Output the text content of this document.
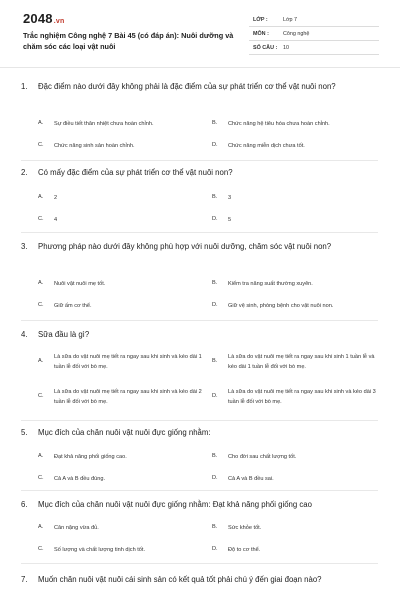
2048.vn
Trắc nghiệm Công nghệ 7 Bài 45 (có đáp án): Nuôi dưỡng và chăm sóc các loại vật nuôi
LỚP :	Lớp 7
MÔN :	Công nghệ
SỐ CÂU : 10
1. Đặc điểm nào dưới đây không phải là đặc điểm của sự phát triển cơ thể vật nuôi non?
A. Sự điều tiết thân nhiệt chưa hoàn chỉnh.	B. Chức năng hệ tiêu hóa chưa hoàn chỉnh.
C. Chức năng sinh sản hoàn chỉnh.	D. Chức năng miễn dịch chưa tốt.
2. Có mấy đặc điểm của sự phát triển cơ thể vật nuôi non?
A. 2	B. 3
C. 4	D. 5
3. Phương pháp nào dưới đây không phù hợp với nuôi dưỡng, chăm sóc vật nuôi non?
A. Nuôi vật nuôi mẹ tốt.	B. Kiểm tra năng suất thường xuyên.
C. Giữ ấm cơ thể.	D. Giữ vệ sinh, phòng bệnh cho vật nuôi non.
4. Sữa đầu là gì?
A.
Là sữa do vật nuôi mẹ tiết ra ngay sau khi sinh và kéo dài 1 tuần lễ đối với bò mẹ.
B.
Là sữa do vật nuôi mẹ tiết ra ngay sau khi sinh 1 tuần lễ và kéo dài 1 tuần lễ đối với bò mẹ.
C.
Là sữa do vật nuôi mẹ tiết ra ngay sau khi sinh và kéo dài 2 tuần lễ đối với bò mẹ.
D.
Là sữa do vật nuôi mẹ tiết ra ngay sau khi sinh và kéo dài 3 tuần lễ đối với bò mẹ.
5. Mục đích của chăn nuôi vật nuôi đực giống nhằm:
A. Đạt khả năng phối giống cao.	B. Cho đời sau chất lượng tốt.
C. Cả A và B đều đúng.	D. Cả A và B đều sai.
6. Mục đích của chăn nuôi vật nuôi đực giống nhằm: Đạt khả năng phối giống cao
A. Cân nặng vừa đủ.	B. Sức khỏe tốt.
C. Số lượng và chất lượng tinh dịch tốt.	D. Độ to cơ thể.
7. Muốn chăn nuôi vật nuôi cái sinh sản có kết quả tốt phải chú ý đến giai đoạn nào?
